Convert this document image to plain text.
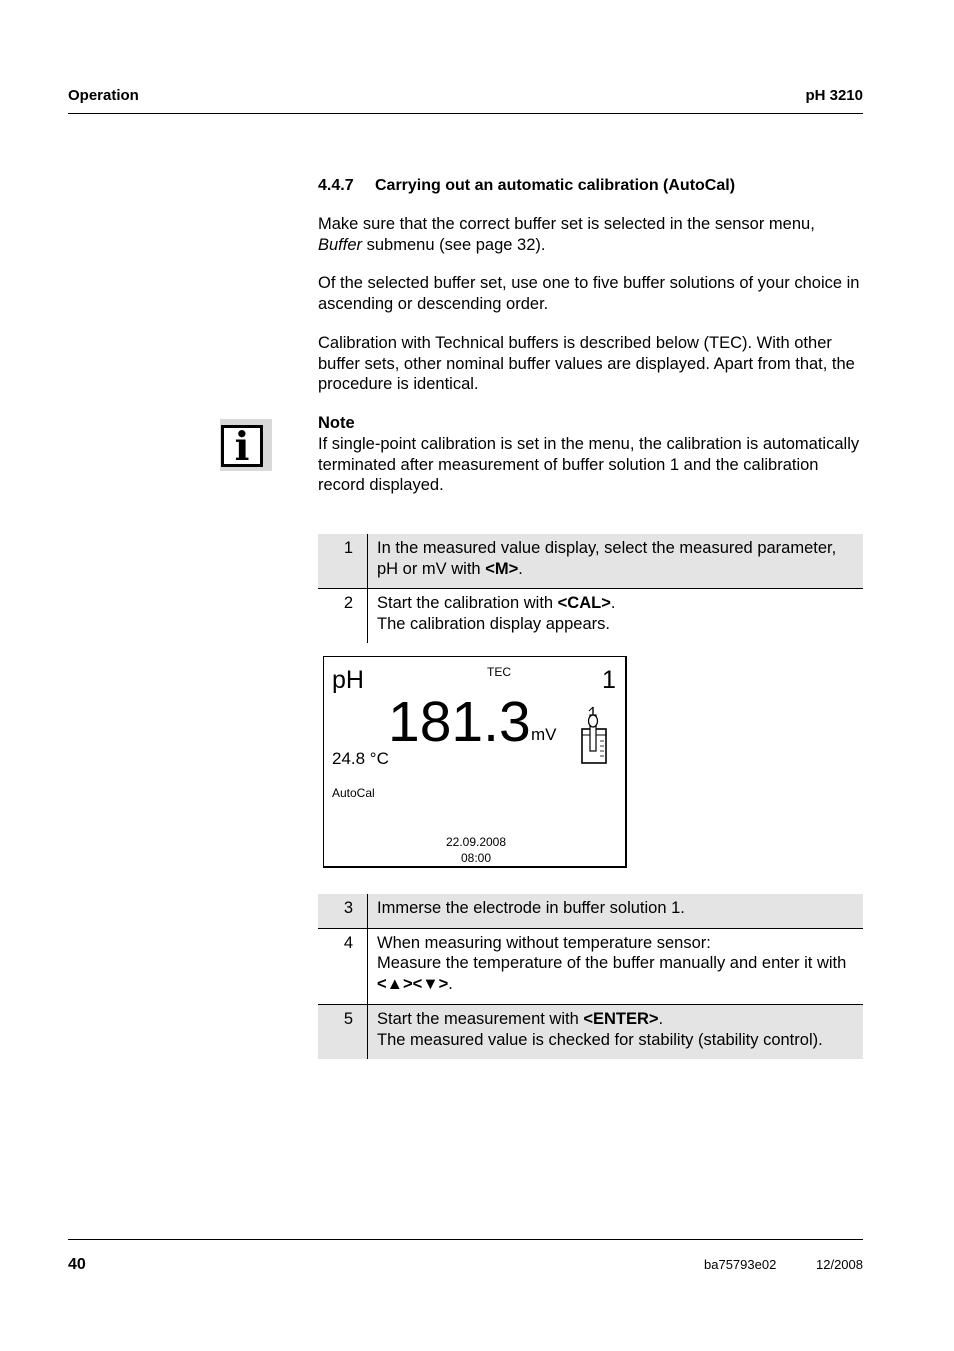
Operation	pH 3210
4.4.7 Carrying out an automatic calibration (AutoCal)
Make sure that the correct buffer set is selected in the sensor menu,
Buffer submenu (see page 32).
Of the selected buffer set, use one to five buffer solutions of your choice in ascending or descending order.
Calibration with Technical buffers is described below (TEC). With other buffer sets, other nominal buffer values are displayed. Apart from that, the procedure is identical.
i
Note
If single-point calibration is set in the menu, the calibration is automatically terminated after measurement of buffer solution 1 and the calibration record displayed.
1	In the measured value display, select the measured parameter, pH or mV with <M>.
2	Start the calibration with <CAL>.
The calibration display appears.
pH	TEC	1
181.3 mV
24.8 °C
AutoCal
22.09.2008
08:00
3	Immerse the electrode in buffer solution 1.
4	When measuring without temperature sensor:
Measure the temperature of the buffer manually and enter it with <▲><▼>.
5	Start the measurement with <ENTER>.
The measured value is checked for stability (stability control).
40	ba75793e02	12/2008
